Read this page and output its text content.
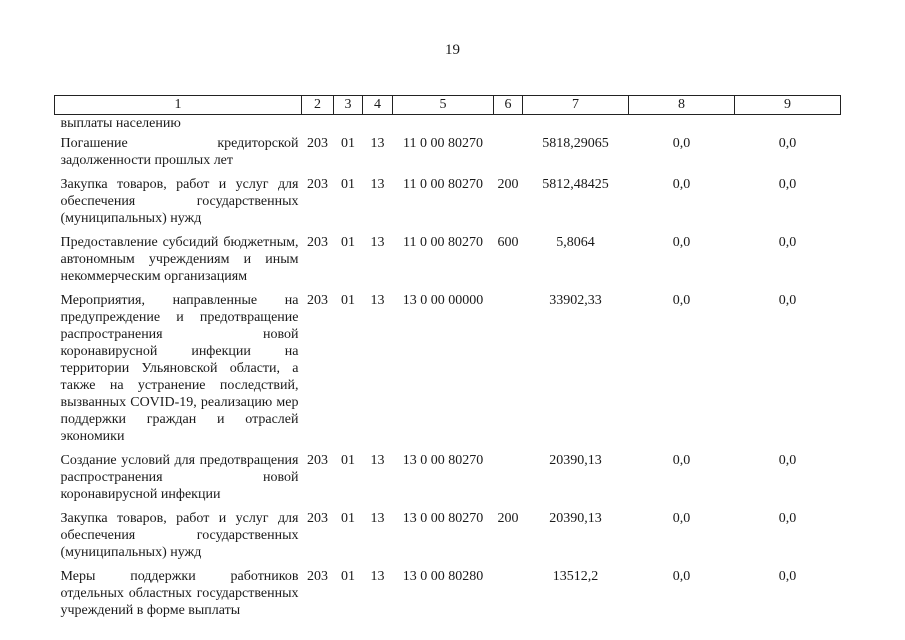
19
1	2	3	4	5	6	7	8	9
выплаты населению								
Погашение кредиторской задолженности прошлых лет	203	01	13	11 0 00 80270		5818,29065	0,0	0,0
Закупка товаров, работ и услуг для обеспечения государственных (муниципальных) нужд	203	01	13	11 0 00 80270	200	5812,48425	0,0	0,0
Предоставление субсидий бюджетным, автономным учреждениям и иным некоммерческим организациям	203	01	13	11 0 00 80270	600	5,8064	0,0	0,0
Мероприятия, направленные на предупреждение и предотвращение распространения новой коронавирусной инфекции на территории Ульяновской области, а также на устранение последствий, вызванных COVID-19, реализацию мер поддержки граждан и отраслей экономики	203	01	13	13 0 00 00000		33902,33	0,0	0,0
Создание условий для предотвращения распространения новой коронавирусной инфекции	203	01	13	13 0 00 80270		20390,13	0,0	0,0
Закупка товаров, работ и услуг для обеспечения государственных (муниципальных) нужд	203	01	13	13 0 00 80270	200	20390,13	0,0	0,0
Меры поддержки работников отдельных областных государственных учреждений в форме выплаты	203	01	13	13 0 00 80280		13512,2	0,0	0,0
